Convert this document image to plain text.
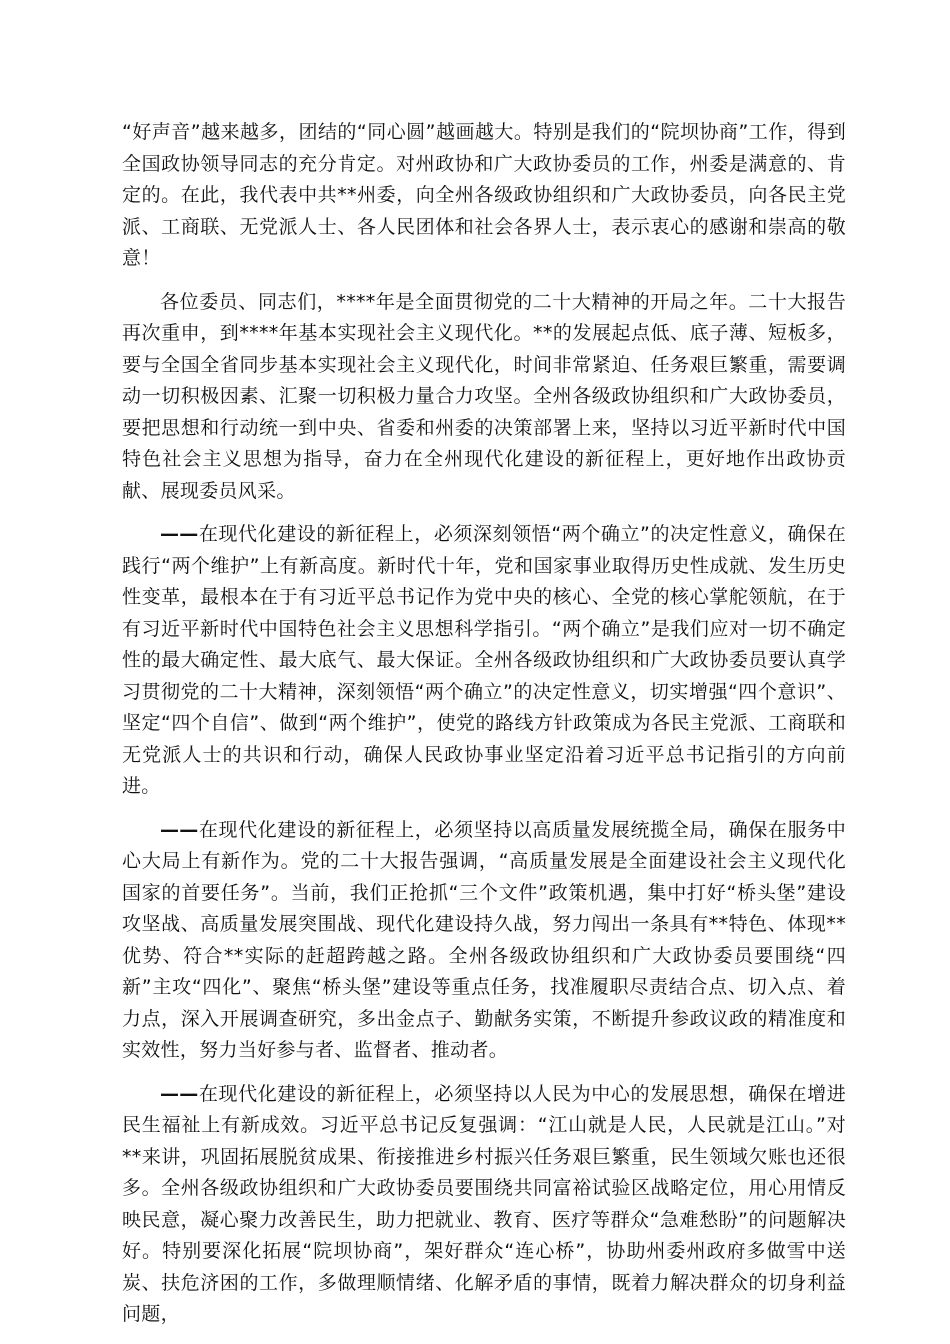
“好声音”越来越多，团结的“同心圆”越画越大。特别是我们的“院坝协商”工作，得到全国政协领导同志的充分肯定。对州政协和广大政协委员的工作，州委是满意的、肯定的。在此，我代表中共**州委，向全州各级政协组织和广大政协委员，向各民主党派、工商联、无党派人士、各人民团体和社会各界人士，表示衷心的感谢和崇高的敬意！

各位委员、同志们，****年是全面贯彻党的二十大精神的开局之年。二十大报告再次重申，到****年基本实现社会主义现代化。**的发展起点低、底子薄、短板多，要与全国全省同步基本实现社会主义现代化，时间非常紧迫、任务艰巨繁重，需要调动一切积极因素、汇聚一切积极力量合力攻坚。全州各级政协组织和广大政协委员，要把思想和行动统一到中央、省委和州委的决策部署上来，坚持以习近平新时代中国特色社会主义思想为指导，奋力在全州现代化建设的新征程上，更好地作出政协贡献、展现委员风采。

——在现代化建设的新征程上，必须深刻领悟“两个确立”的决定性意义，确保在践行“两个维护”上有新高度。新时代十年，党和国家事业取得历史性成就、发生历史性变革，最根本在于有习近平总书记作为党中央的核心、全党的核心掌舵领航，在于有习近平新时代中国特色社会主义思想科学指引。“两个确立”是我们应对一切不确定性的最大确定性、最大底气、最大保证。全州各级政协组织和广大政协委员要认真学习贯彻党的二十大精神，深刻领悟“两个确立”的决定性意义，切实增强“四个意识”、坚定“四个自信”、做到“两个维护”，使党的路线方针政策成为各民主党派、工商联和无党派人士的共识和行动，确保人民政协事业坚定沿着习近平总书记指引的方向前进。

——在现代化建设的新征程上，必须坚持以高质量发展统揽全局，确保在服务中心大局上有新作为。党的二十大报告强调，“高质量发展是全面建设社会主义现代化国家的首要任务”。当前，我们正抢抓“三个文件”政策机遇，集中打好“桥头堡”建设攻坚战、高质量发展突围战、现代化建设持久战，努力闯出一条具有**特色、体现**优势、符合**实际的赶超跨越之路。全州各级政协组织和广大政协委员要围绕“四新”主攻“四化”、聚焦“桥头堡”建设等重点任务，找准履职尽责结合点、切入点、着力点，深入开展调查研究，多出金点子、勤献务实策，不断提升参政议政的精准度和实效性，努力当好参与者、监督者、推动者。

——在现代化建设的新征程上，必须坚持以人民为中心的发展思想，确保在增进民生福祉上有新成效。习近平总书记反复强调：“江山就是人民，人民就是江山。”对**来讲，巩固拓展脱贫成果、衔接推进乡村振兴任务艰巨繁重，民生领域欠账也还很多。全州各级政协组织和广大政协委员要围绕共同富裕试验区战略定位，用心用情反映民意，凝心聚力改善民生，助力把就业、教育、医疗等群众“急难愁盼”的问题解决好。特别要深化拓展“院坝协商”，架好群众“连心桥”，协助州委州政府多做雪中送炭、扶危济困的工作，多做理顺情绪、化解矛盾的事情，既着力解决群众的切身利益问题，
